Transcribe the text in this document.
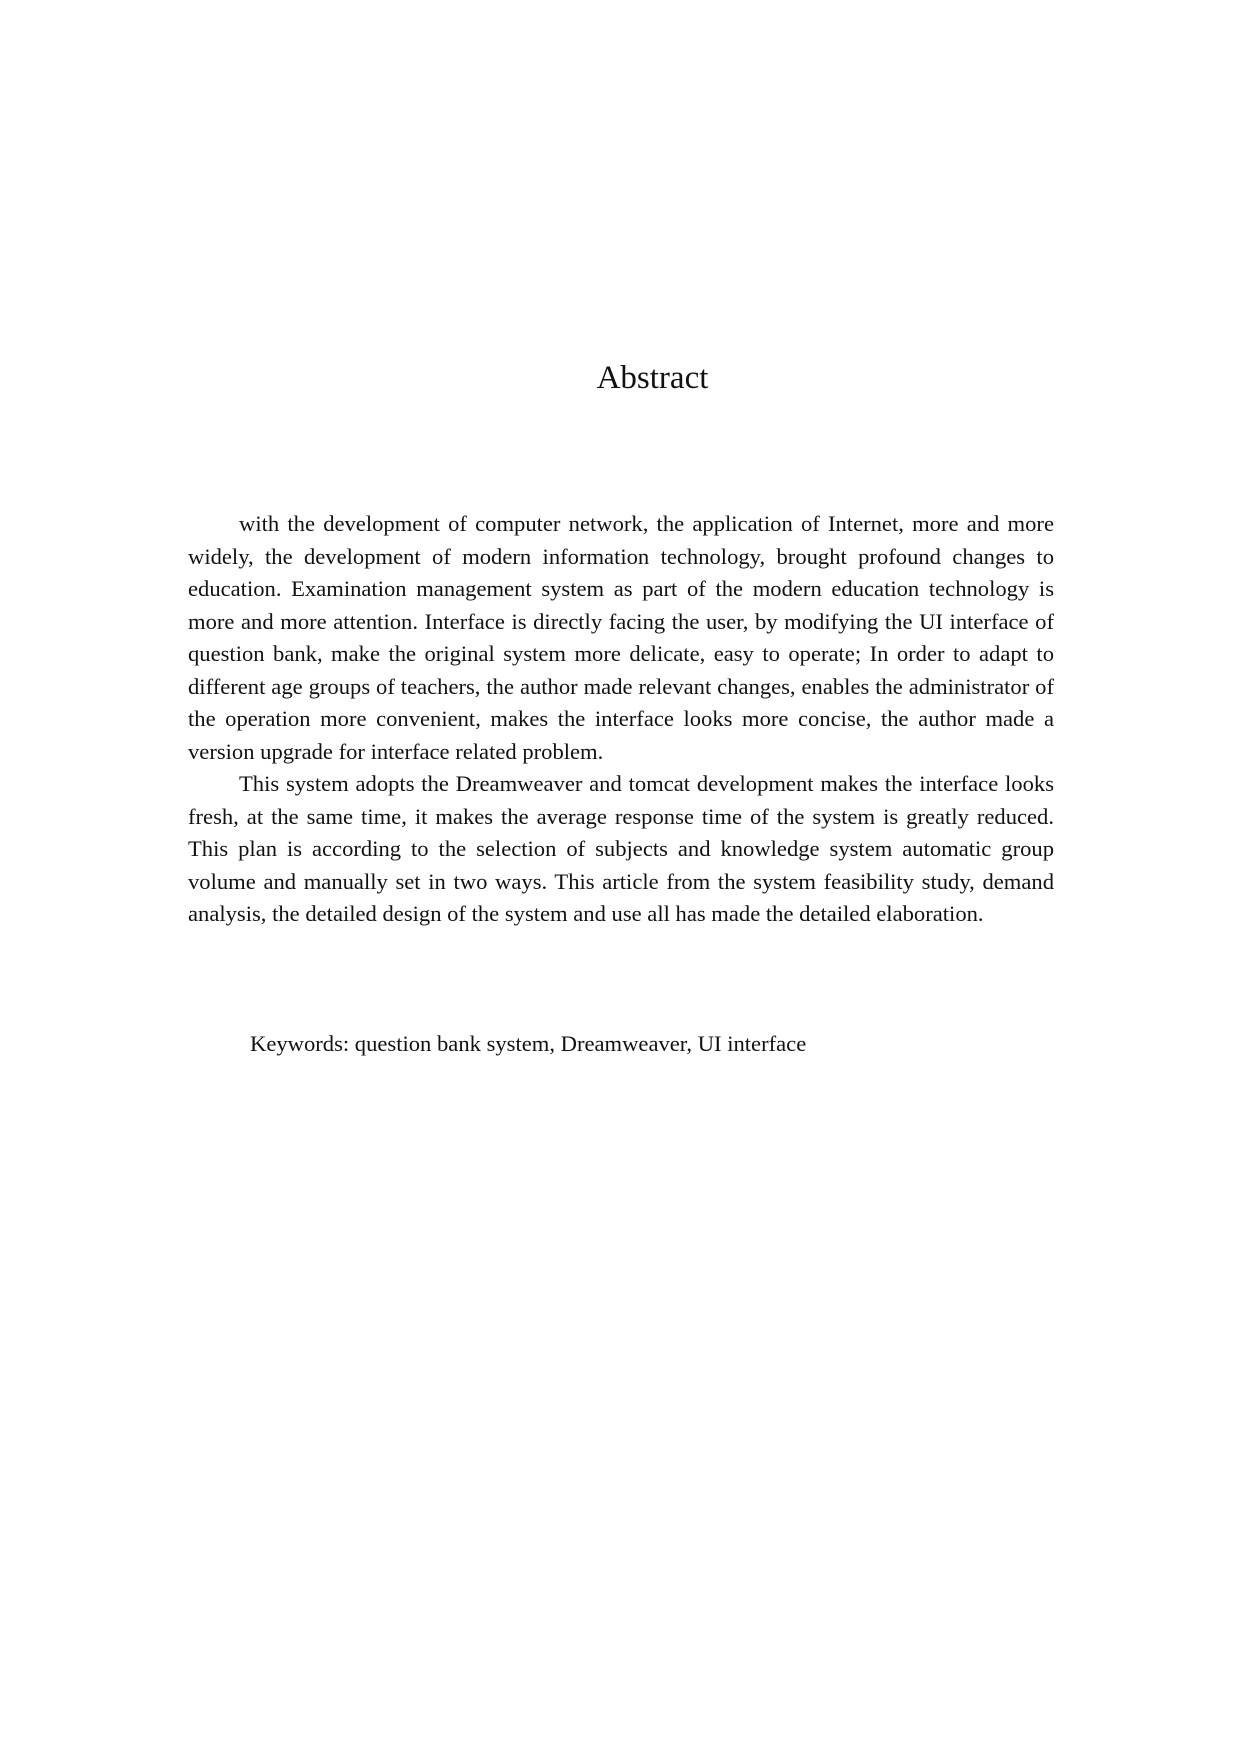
Abstract

with the development of computer network, the application of Internet, more and more widely, the development of modern information technology, brought profound changes to education. Examination management system as part of the modern education technology is more and more attention. Interface is directly facing the user, by modifying the UI interface of question bank, make the original system more delicate, easy to operate; In order to adapt to different age groups of teachers, the author made relevant changes, enables the administrator of the operation more convenient, makes the interface looks more concise, the author made a version upgrade for interface related problem.

This system adopts the Dreamweaver and tomcat development makes the interface looks fresh, at the same time, it makes the average response time of the system is greatly reduced. This plan is according to the selection of subjects and knowledge system automatic group volume and manually set in two ways. This article from the system feasibility study, demand analysis, the detailed design of the system and use all has made the detailed elaboration.

Keywords: question bank system, Dreamweaver, UI interface
